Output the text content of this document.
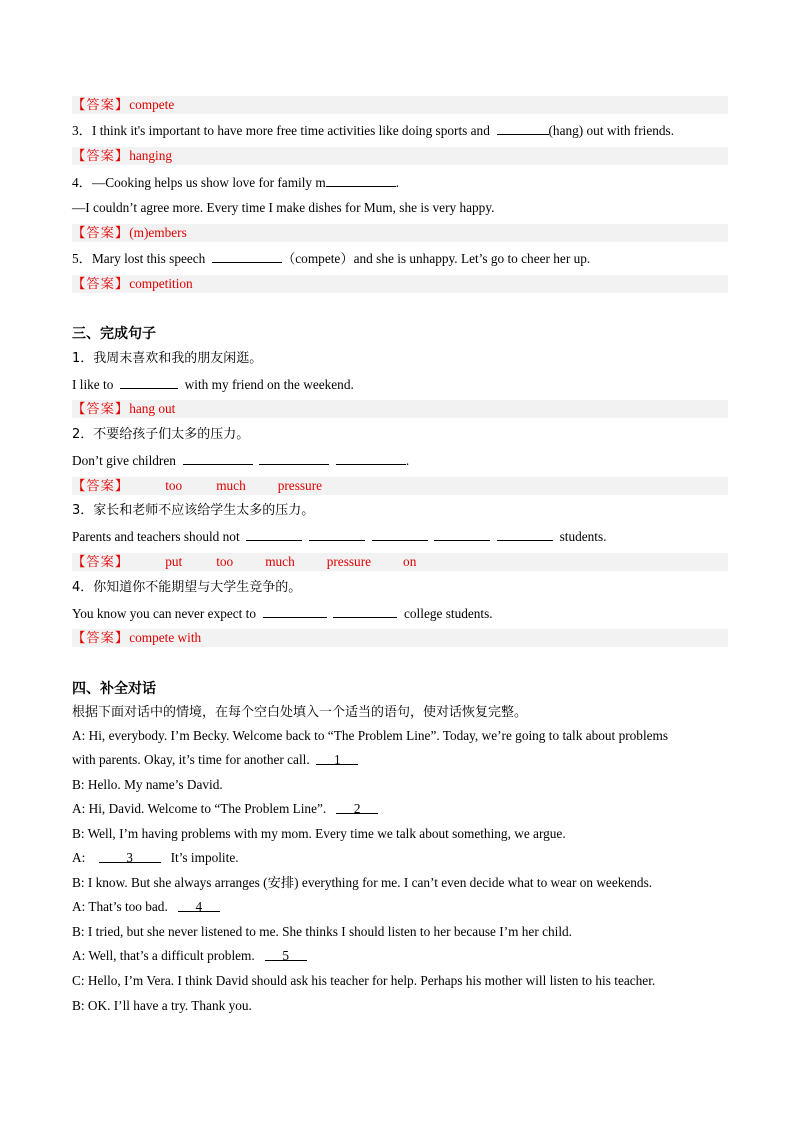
【答案】compete
3．I think it's important to have more free time activities like doing sports and	(hang) out with friends.
【答案】hanging
4．—Cooking helps us show love for family m	.
—I couldn’t agree more. Every time I make dishes for Mum, she is very happy.
【答案】(m)embers
5．Mary lost this speech	（compete）and she is unhappy. Let’s go to cheer her up.
【答案】competition
三、完成句子
1．我周末喜欢和我的朋友闲逛。
I like to	with my friend on the weekend.
【答案】hang out
2．不要给孩子们太多的压力。
Don’t give children	.
【答案】	too	much pressure
3．家长和老师不应该给学生太多的压力。
Parents and teachers should not	students.
【答案】	put	too much pressure on
4．你知道你不能期望与大学生竞争的。
You know you can never expect to	college students.
【答案】compete with
四、补全对话
根据下面对话中的情境，在每个空白处填入一个适当的语句，使对话恢复完整。
A: Hi, everybody. I’m Becky. Welcome back to “The Problem Line”. Today, we’re going to talk about problems
with parents. Okay, it’s time for another call. 1
B: Hello. My name’s David.
A: Hi, David. Welcome to “The Problem Line”. 2
B: Well, I’m having problems with my mom. Every time we talk about something, we argue.
A:	3	It’s impolite.
B: I know. But she always arranges (安排) everything for me. I can’t even decide what to wear on weekends.
A: That’s too bad. 4
B: I tried, but she never listened to me. She thinks I should listen to her because I’m her child.
A: Well, that’s a difficult problem. 5
C: Hello, I’m Vera. I think David should ask his teacher for help. Perhaps his mother will listen to his teacher.
B: OK. I’ll have a try. Thank you.
